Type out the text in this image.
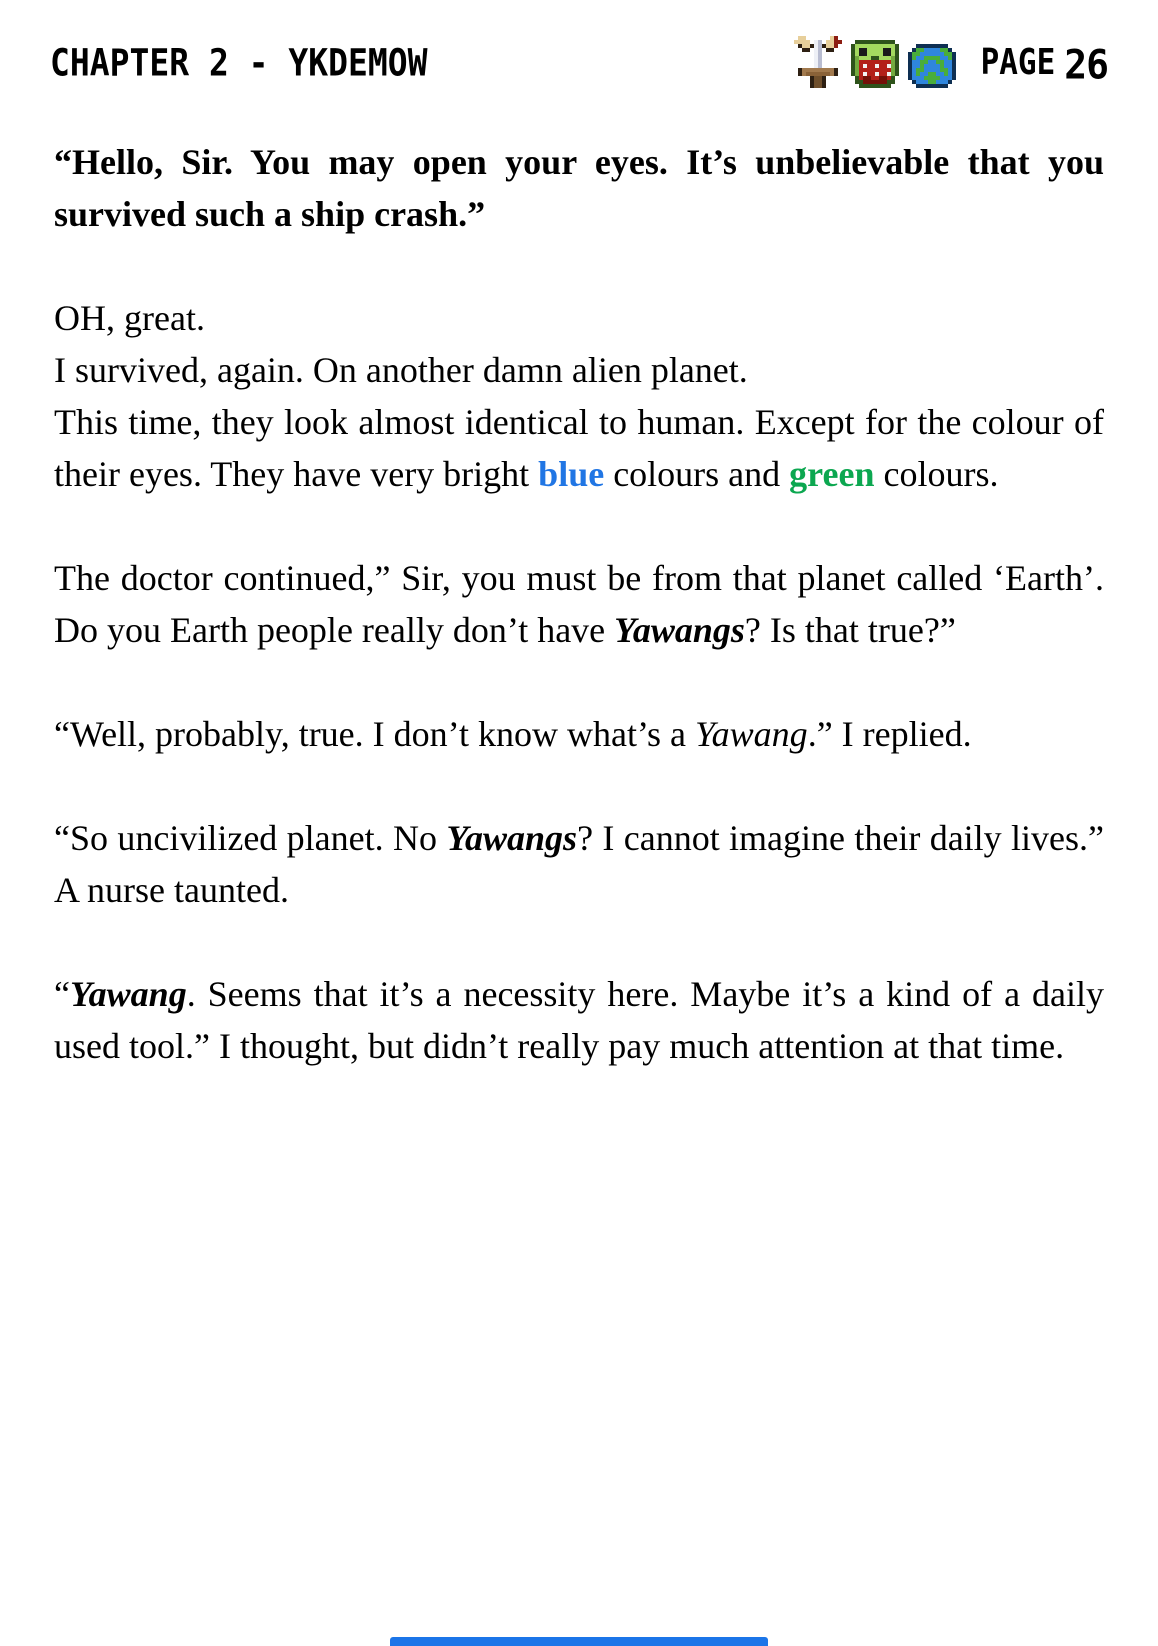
CHAPTER 2 - YKDEMOW	PAGE 26

“Hello, Sir. You may open your eyes. It’s unbelievable that you survived such a ship crash.”

OH, great.
I survived, again. On another damn alien planet.
This time, they look almost identical to human. Except for the colour of their eyes. They have very bright blue colours and green colours.

The doctor continued,” Sir, you must be from that planet called ‘Earth’. Do you Earth people really don’t have Yawangs? Is that true?”

“Well, probably, true. I don’t know what’s a Yawang.” I replied.

“So uncivilized planet. No Yawangs? I cannot imagine their daily lives.” A nurse taunted.

“Yawang. Seems that it’s a necessity here. Maybe it’s a kind of a daily used tool.” I thought, but didn’t really pay much attention at that time.
